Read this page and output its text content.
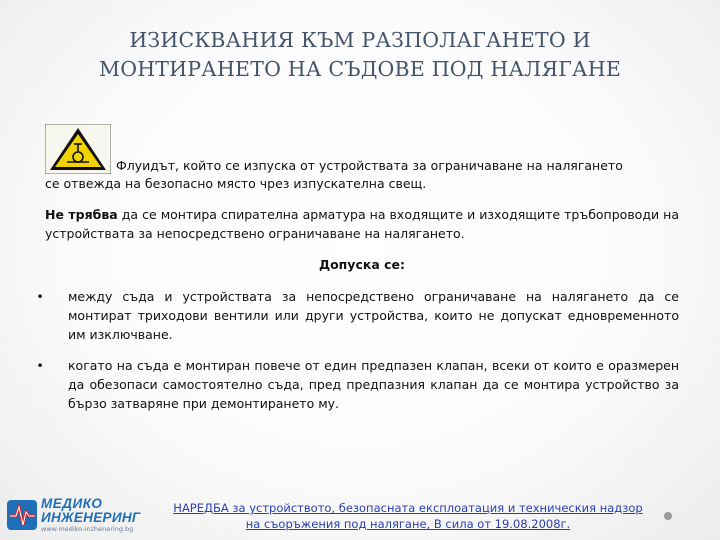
ИЗИСКВАНИЯ КЪМ РАЗПОЛАГАНЕТО И
МОНТИРАНЕТО НА СЪДОВЕ ПОД НАЛЯГАНЕ
Флуидът, който се изпуска от устройствата за ограничаване на налягането
се отвежда на безопасно място чрез изпускателна свещ.
Не трябва да се монтира спирателна арматура на входящите и изходящите тръбопроводи на устройствата за непосредствено ограничаване на налягането.
Допуска се:
• между съда и устройствата за непосредствено ограничаване на налягането да се монтират триходови вентили или други устройства, които не допускат едновременното им изключване.
• когато на съда е монтиран повече от един предпазен клапан, всеки от които е оразмерен да обезопаси самостоятелно съда, пред предпазния клапан да се монтира устройство за бързо затваряне при демонтирането му.
МЕДИКО
ИНЖЕНЕРИНГ
www.mediko-inzhenering.bg
НАРЕДБА за устройството, безопасната експлоатация и техническия надзор
на съоръжения под налягане, В сила от 19.08.2008г.
